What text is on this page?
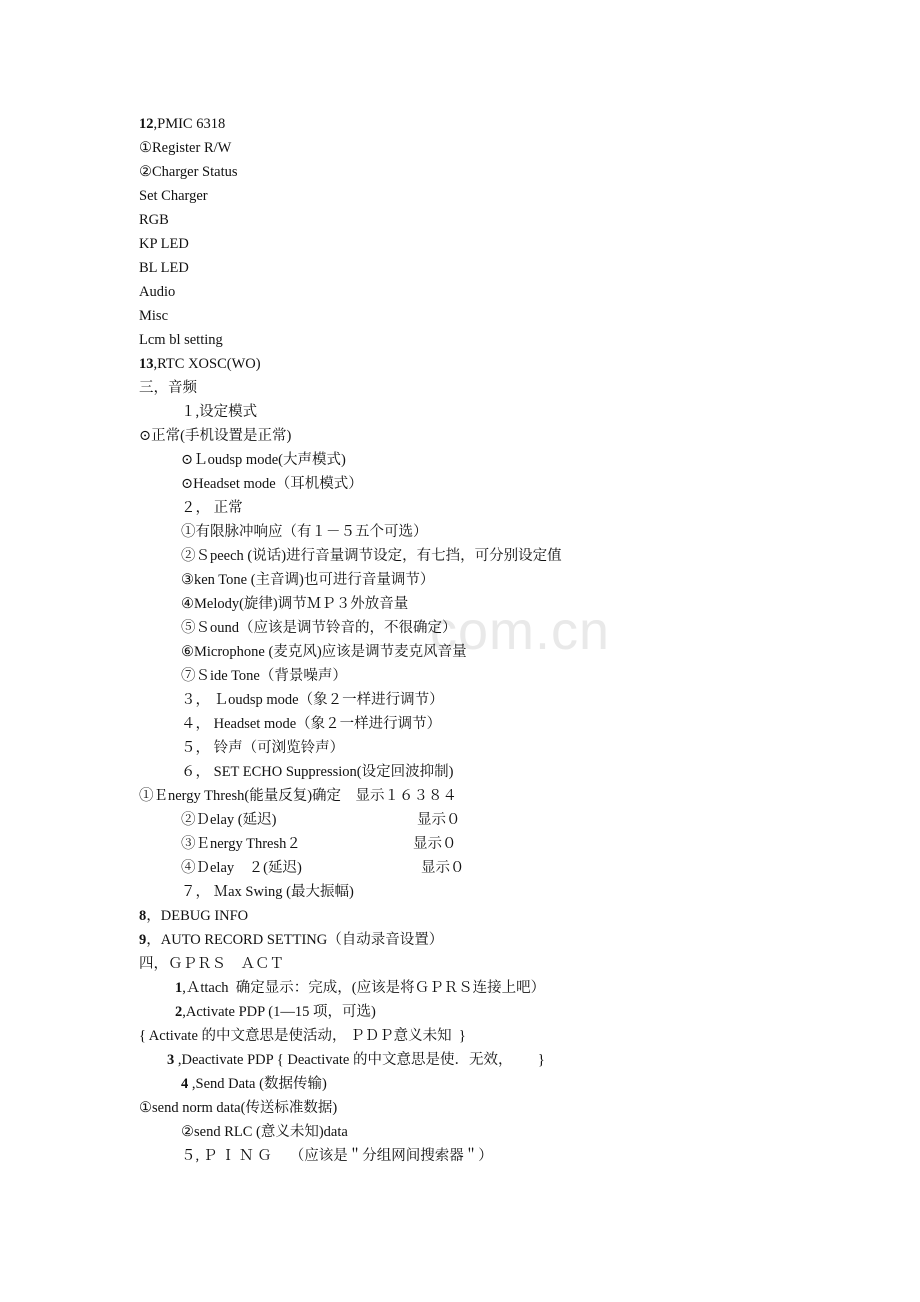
com.cn
12,PMIC 6318
①Register R/W
②Charger Status
Set Charger
RGB
KP LED
BL LED
Audio
Misc
Lcm bl setting
13,RTC XOSC(WO)
三，音频
１,设定模式
⊙正常(手机设置是正常)
⊙Ｌoudsp mode(大声模式)
⊙Headset mode（耳机模式）
２， 正常
①有限脉冲响应（有１－５五个可选）
②Ｓpeech (说话)进行音量调节设定，有七挡，可分别设定值
③ken Tone (主音调)也可进行音量调节）
④Melody(旋律)调节ＭＰ３外放音量
⑤Ｓound（应该是调节铃音的，不很确定）
⑥Microphone (麦克风)应该是调节麦克风音量
⑦Ｓide Tone（背景噪声）
３， Ｌoudsp mode（象２一样进行调节）
４， Headset mode（象２一样进行调节）
５， 铃声（可浏览铃声）
６， SET ECHO Suppression(设定回波抑制)
①Ｅnergy Thresh(能量反复)确定　显示１６３８４
②Ｄelay (延迟)	显示０
③Ｅnergy Thresh２	显示０
④Ｄelay　２(延迟)	显示０
７， Ｍax Swing (最大振幅)
8，DEBUG INFO
9，AUTO RECORD SETTING（自动录音设置）
四，ＧＰＲＳ　ＡＣＴ
1,Ａttach  确定显示：完成，(应该是将ＧＰＲＳ连接上吧）
2,Activate PDP (1—15 项，可选)
{ Activate 的中文意思是使活动， ＰＤＰ意义未知  }
3 ,Deactivate PDP { Deactivate 的中文意思是使．无效，       }
4 ,Send Data (数据传输)
①send norm data(传送标准数据)
②send RLC (意义未知)data
５, Ｐ Ｉ Ｎ Ｇ　 （应该是＂分组网间搜索器＂）
